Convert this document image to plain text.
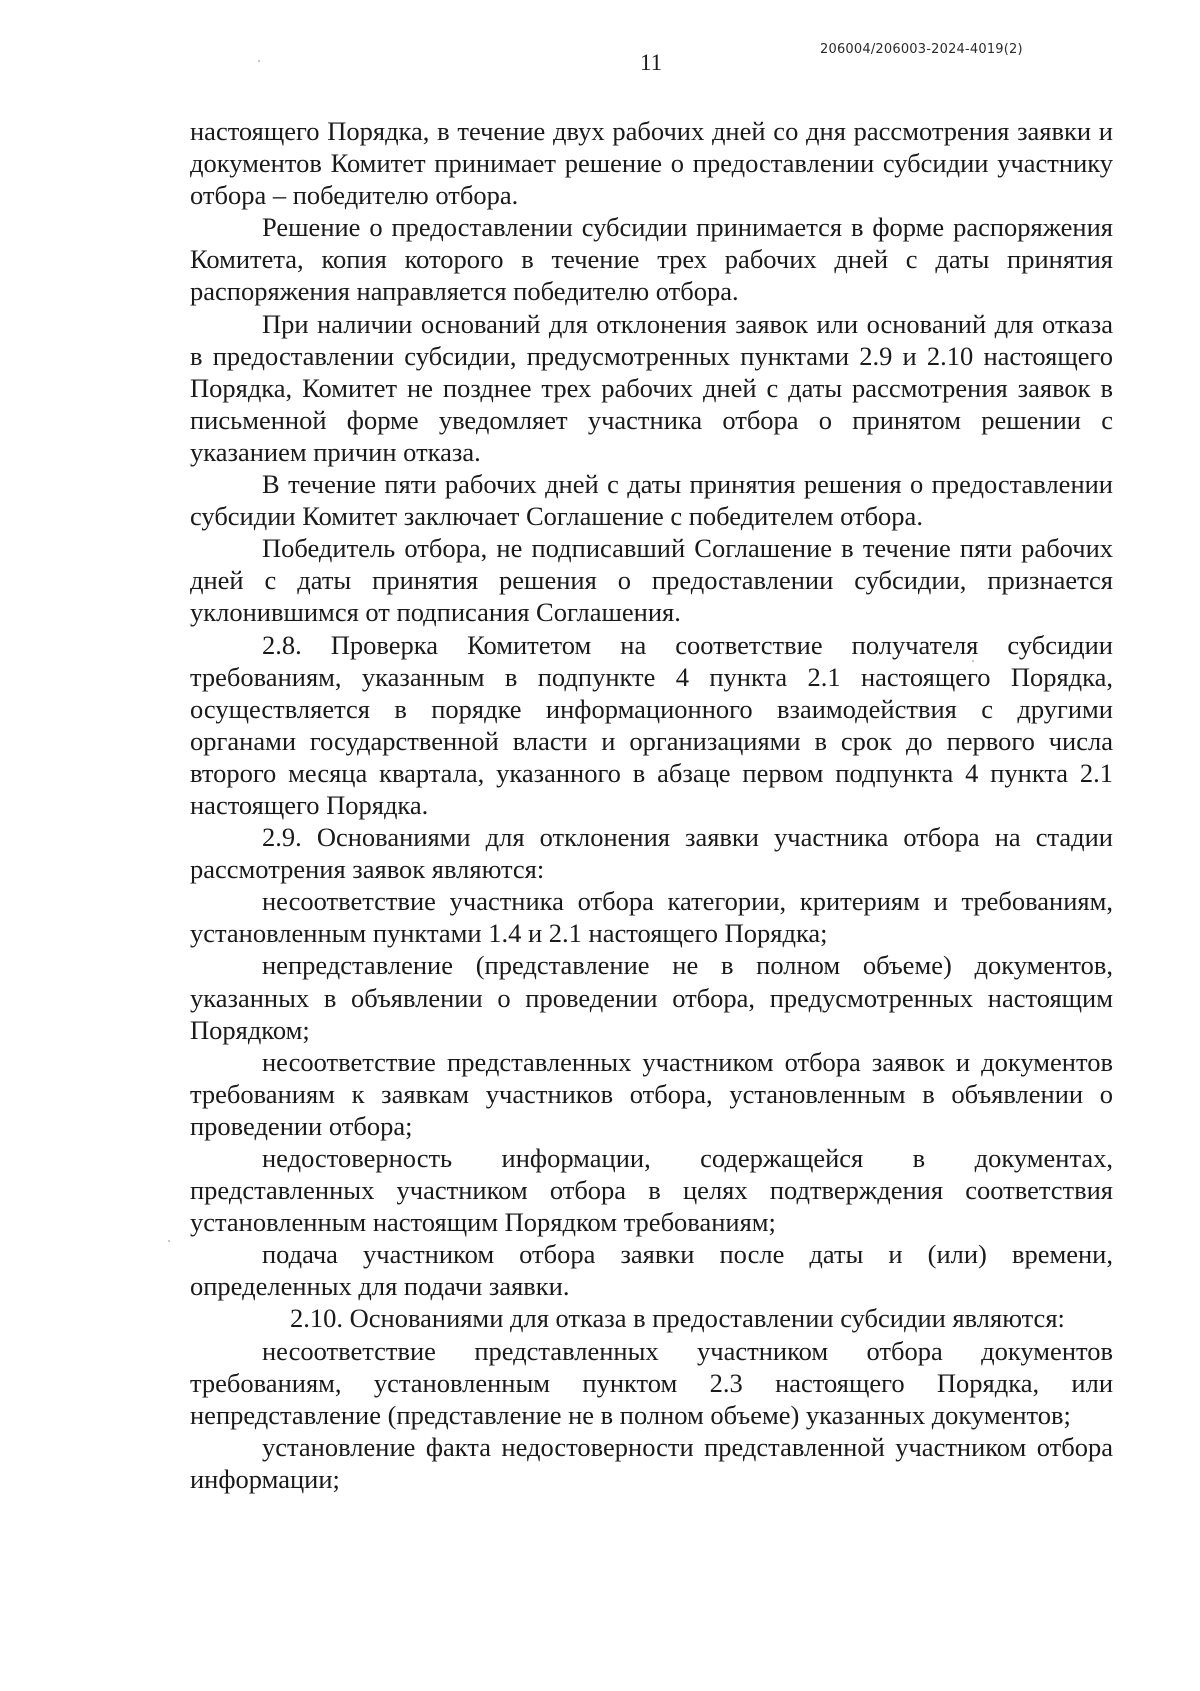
206004/206003-2024-4019(2)
11

настоящего Порядка, в течение двух рабочих дней со дня рассмотрения заявки и документов Комитет принимает решение о предоставлении субсидии участнику отбора – победителю отбора.

Решение о предоставлении субсидии принимается в форме распоряжения Комитета, копия которого в течение трех рабочих дней с даты принятия распоряжения направляется победителю отбора.

При наличии оснований для отклонения заявок или оснований для отказа в предоставлении субсидии, предусмотренных пунктами 2.9 и 2.10 настоящего Порядка, Комитет не позднее трех рабочих дней с даты рассмотрения заявок в письменной форме уведомляет участника отбора о принятом решении с указанием причин отказа.

В течение пяти рабочих дней с даты принятия решения о предоставлении субсидии Комитет заключает Соглашение с победителем отбора.

Победитель отбора, не подписавший Соглашение в течение пяти рабочих дней с даты принятия решения о предоставлении субсидии, признается уклонившимся от подписания Соглашения.

2.8. Проверка Комитетом на соответствие получателя субсидии требованиям, указанным в подпункте 4 пункта 2.1 настоящего Порядка, осуществляется в порядке информационного взаимодействия с другими органами государственной власти и организациями в срок до первого числа второго месяца квартала, указанного в абзаце первом подпункта 4 пункта 2.1 настоящего Порядка.

2.9. Основаниями для отклонения заявки участника отбора на стадии рассмотрения заявок являются:

несоответствие участника отбора категории, критериям и требованиям, установленным пунктами 1.4 и 2.1 настоящего Порядка;

непредставление (представление не в полном объеме) документов, указанных в объявлении о проведении отбора, предусмотренных настоящим Порядком;

несоответствие представленных участником отбора заявок и документов требованиям к заявкам участников отбора, установленным в объявлении о проведении отбора;

недостоверность информации, содержащейся в документах, представленных участником отбора в целях подтверждения соответствия установленным настоящим Порядком требованиям;

подача участником отбора заявки после даты и (или) времени, определенных для подачи заявки.

2.10. Основаниями для отказа в предоставлении субсидии являются:

несоответствие представленных участником отбора документов требованиям, установленным пунктом 2.3 настоящего Порядка, или непредставление (представление не в полном объеме) указанных документов;

установление факта недостоверности представленной участником отбора информации;
